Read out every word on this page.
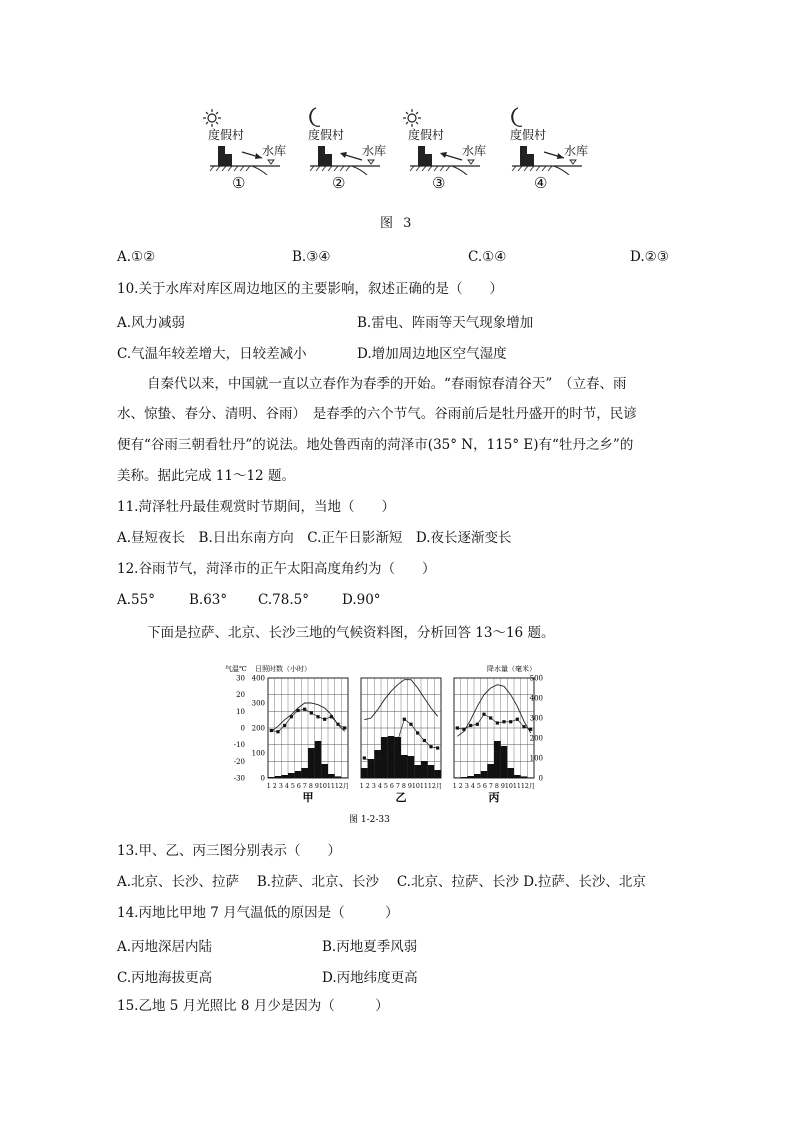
度假村
水库
①
度假村
水库
②
度假村
水库
③
度假村
水库
④
图 3
A.①②	B.③④	C.①④	D.②③
10.关于水库对库区周边地区的主要影响，叙述正确的是（　　）
A.风力减弱	B.雷电、阵雨等天气现象增加
C.气温年较差增大，日较差减小	D.增加周边地区空气湿度
自秦代以来，中国就一直以立春作为春季的开始。“春雨惊春清谷天”　（立春、雨
水、惊蛰、春分、清明、谷雨）　是春季的六个节气。谷雨前后是牡丹盛开的时节，民谚
便有“谷雨三朝看牡丹”的说法。地处鲁西南的菏泽市(35° N，115° E)有“牡丹之乡”的
美称。据此完成 11～12 题。
11.菏泽牡丹最佳观赏时节期间，当地（　　）
A.昼短夜长　B.日出东南方向　C.正午日影渐短　D.夜长逐渐变长
12.谷雨节气，菏泽市的正午太阳高度角约为（　　）
A.55°	B.63° C.78.5° D.90°
下面是拉萨、北京、长沙三地的气候资料图，分析回答 13～16 题。
气温℃ 日照时数（小时）	降水量（毫米）
30
20
10
0
-10
-20
-30
400
300
200
100
0
500
400
300
200
100
0
1 2 3 4 5 6 7 8 9101112月
甲
1 2 3 4 5 6 7 8 9101112月
乙
1 2 3 4 5 6 7 8 9101112月
丙
图 1-2-33
13.甲、乙、丙三图分别表示（　　）
A.北京、长沙、拉萨　 B.拉萨、北京、长沙　 C.北京、拉萨、长沙 D.拉萨、长沙、北京
14.丙地比甲地 7 月气温低的原因是（　　　）
A.丙地深居内陆	B.丙地夏季风弱
C.丙地海拔更高	D.丙地纬度更高
15.乙地 5 月光照比 8 月少是因为（　　　）
